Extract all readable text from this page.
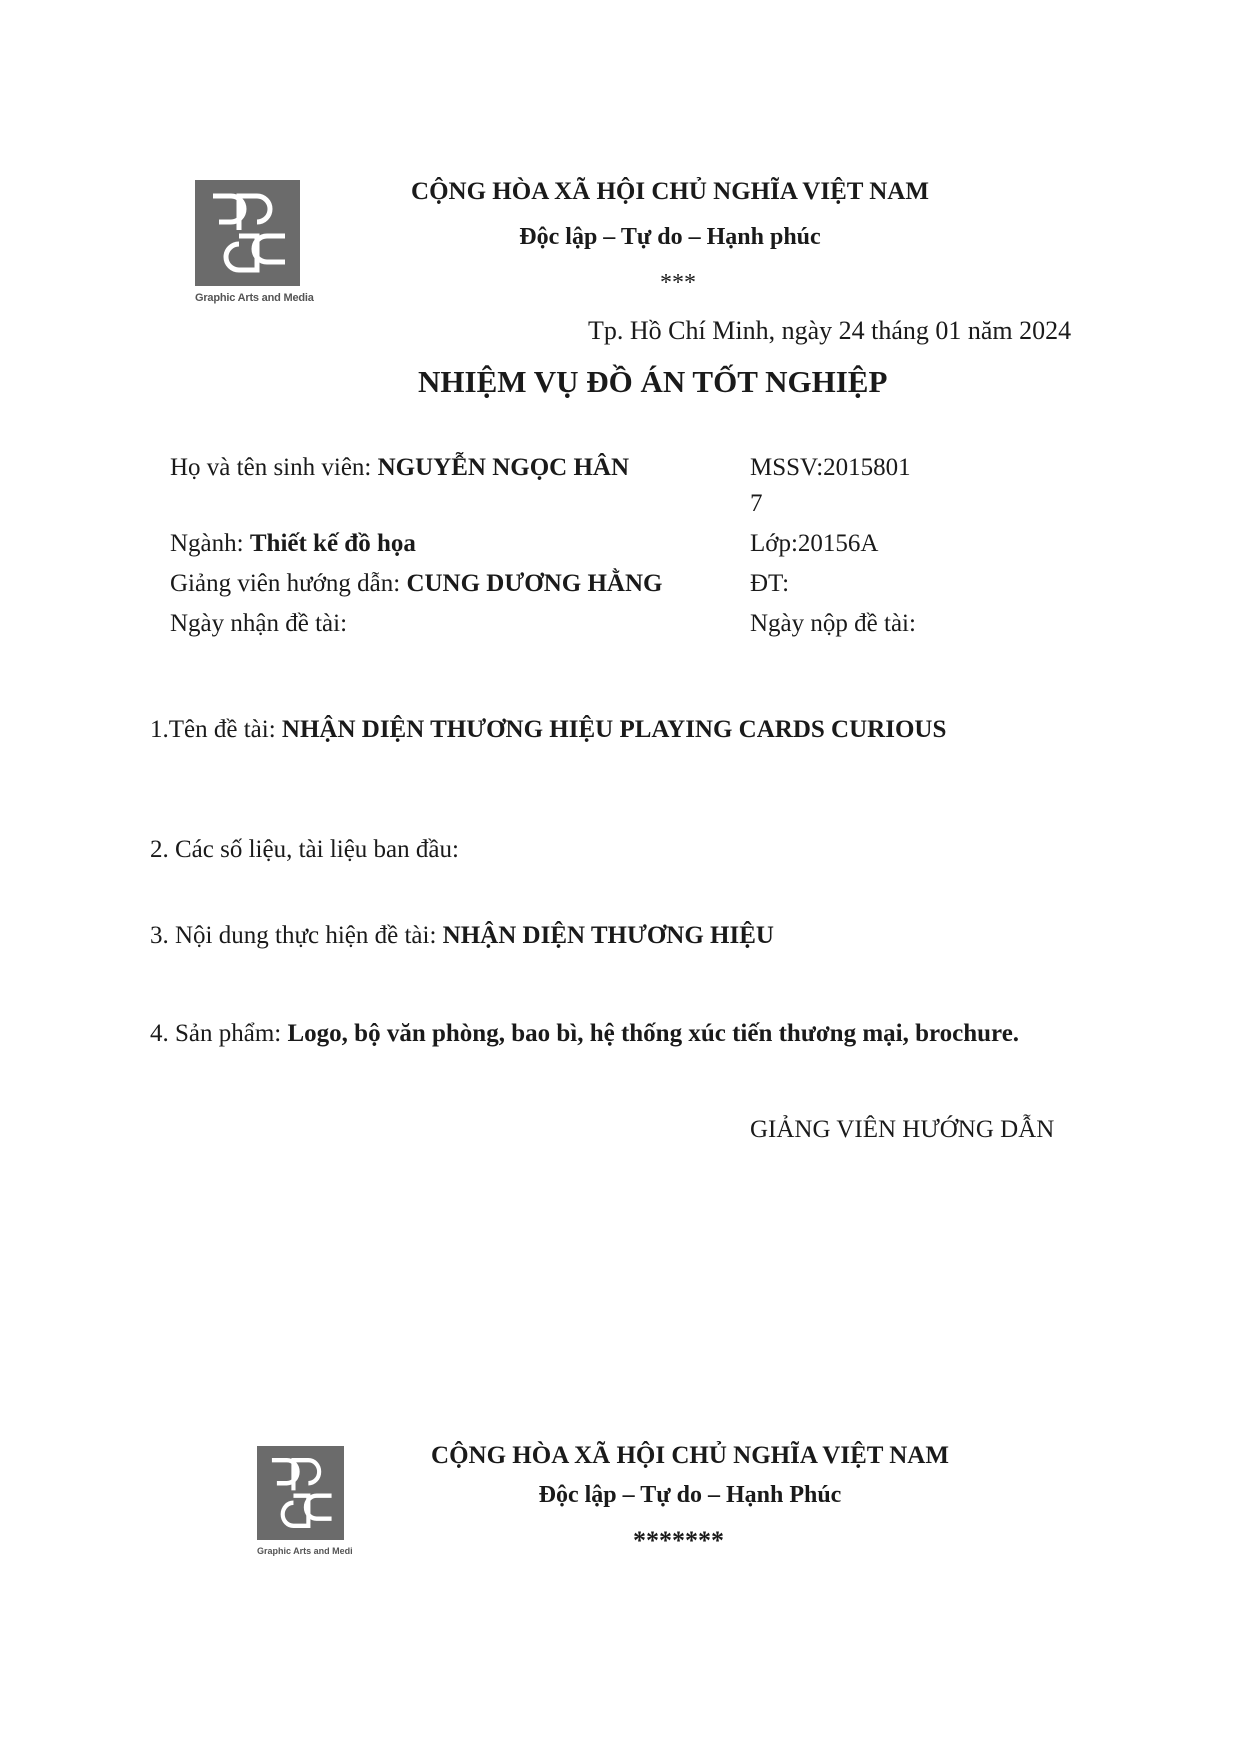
Graphic Arts and Media
CỘNG HÒA XÃ HỘI CHỦ NGHĨA VIỆT NAM
Độc lập – Tự do – Hạnh phúc
***
Tp. Hồ Chí Minh, ngày 24 tháng 01 năm 2024
NHIỆM VỤ ĐỒ ÁN TỐT NGHIỆP
Họ và tên sinh viên: NGUYỄN NGỌC HÂN	MSSV:2015801
7
Ngành: Thiết kế đồ họa	Lớp:20156A
Giảng viên hướng dẫn: CUNG DƯƠNG HẰNG	ĐT:
Ngày nhận đề tài:	Ngày nộp đề tài:
1.Tên đề tài: NHẬN DIỆN THƯƠNG HIỆU PLAYING CARDS CURIOUS
2. Các số liệu, tài liệu ban đầu:
3. Nội dung thực hiện đề tài: NHẬN DIỆN THƯƠNG HIỆU
4. Sản phẩm: Logo, bộ văn phòng, bao bì, hệ thống xúc tiến thương mại, brochure.
GIẢNG VIÊN HƯỚNG DẪN
Graphic Arts and Medi
CỘNG HÒA XÃ HỘI CHỦ NGHĨA VIỆT NAM
Độc lập – Tự do – Hạnh Phúc
*******
